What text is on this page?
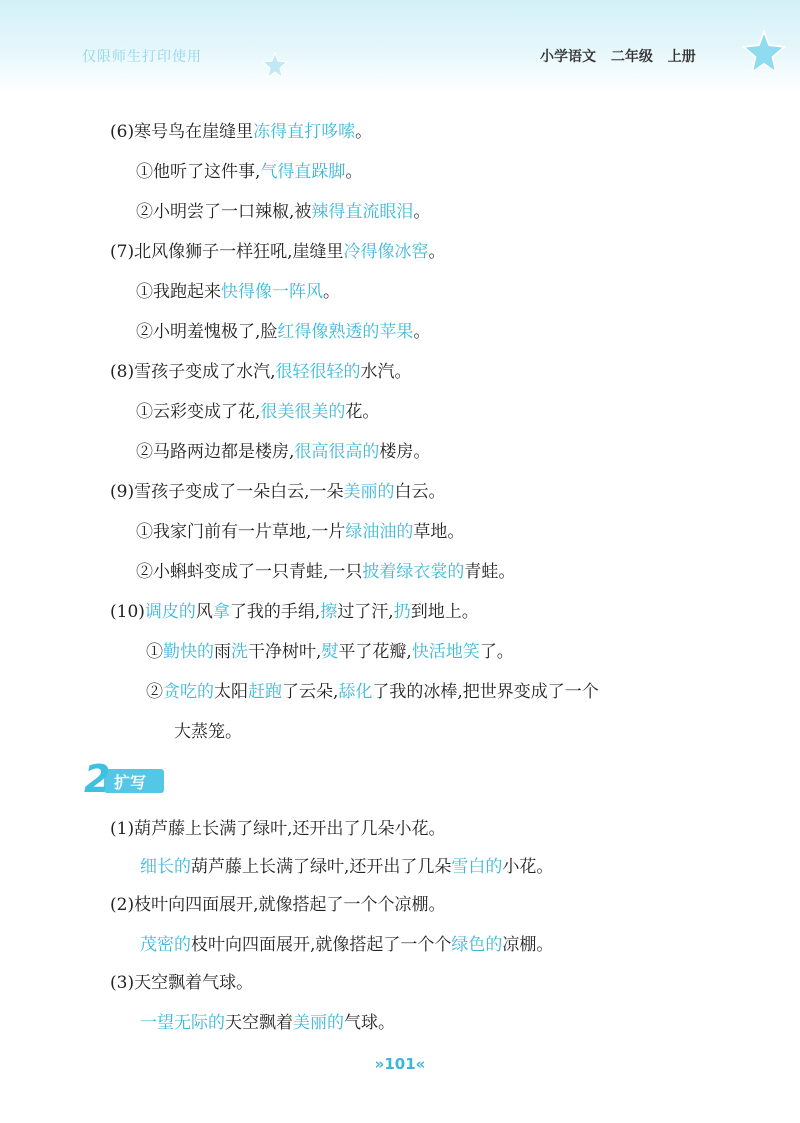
仅限师生打印使用	小学语文 二年级 上册
(6)寒号鸟在崖缝里冻得直打哆嗦。
①他听了这件事,气得直跺脚。
②小明尝了一口辣椒,被辣得直流眼泪。
(7)北风像狮子一样狂吼,崖缝里冷得像冰窖。
①我跑起来快得像一阵风。
②小明羞愧极了,脸红得像熟透的苹果。
(8)雪孩子变成了水汽,很轻很轻的水汽。
①云彩变成了花,很美很美的花。
②马路两边都是楼房,很高很高的楼房。
(9)雪孩子变成了一朵白云,一朵美丽的白云。
①我家门前有一片草地,一片绿油油的草地。
②小蝌蚪变成了一只青蛙,一只披着绿衣裳的青蛙。
(10)调皮的风拿了我的手绢,擦过了汗,扔到地上。
①勤快的雨洗干净树叶,熨平了花瓣,快活地笑了。
②贪吃的太阳赶跑了云朵,舔化了我的冰棒,把世界变成了一个
大蒸笼。
(1)葫芦藤上长满了绿叶,还开出了几朵小花。
细长的葫芦藤上长满了绿叶,还开出了几朵雪白的小花。
(2)枝叶向四面展开,就像搭起了一个个凉棚。
茂密的枝叶向四面展开,就像搭起了一个个绿色的凉棚。
(3)天空飘着气球。
一望无际的天空飘着美丽的气球。
2 扩写
»101«
